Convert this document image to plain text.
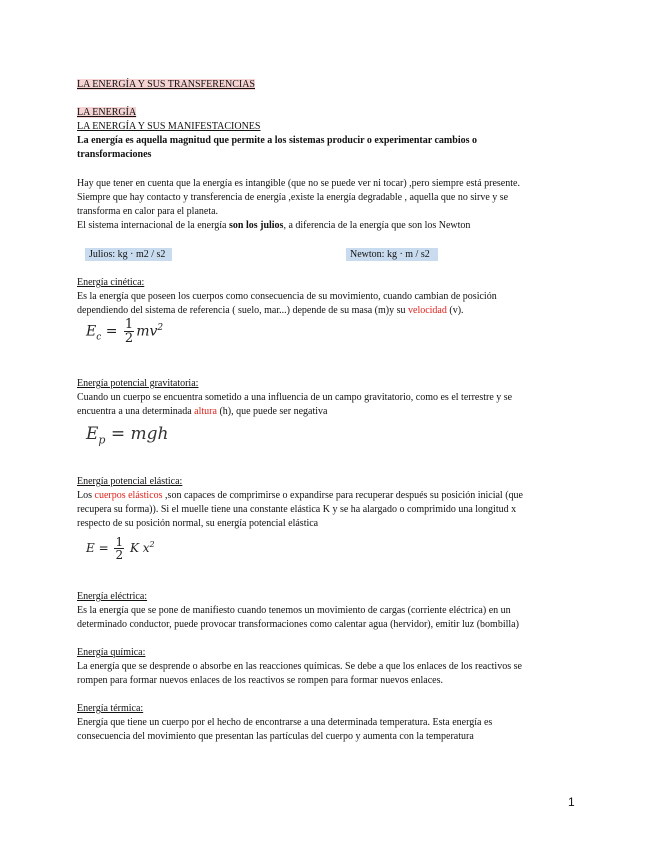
LA ENERGÍA Y SUS TRANSFERENCIAS
LA ENERGÍA
LA ENERGÍA Y SUS MANIFESTACIONES
La energía es aquella magnitud que permite a los sistemas producir o experimentar cambios o
transformaciones
Hay que tener en cuenta que la energía es intangible (que no se puede ver ni tocar) ,pero siempre está presente.
Siempre que hay contacto y transferencia de energía ,existe la energía degradable , aquella que no sirve y se
transforma en calor para el planeta.
El sistema internacional de la energía son los julios, a diferencia de la energía que son los Newton
Julios: kg · m2 / s2	Newton: kg · m / s2
Energía cinética:
Es la energía que poseen los cuerpos como consecuencia de su movimiento, cuando cambian de posición
dependiendo del sistema de referencia ( suelo, mar...) depende de su masa (m)y su velocidad (v).
$E_c = \frac{1}{2} mv^2$
Energía potencial gravitatoria:
Cuando un cuerpo se encuentra sometido a una influencia de un campo gravitatorio, como es el terrestre y se
encuentra a una determinada altura (h), que puede ser negativa
$E_p$ = mgh
Energía potencial elástica:
Los cuerpos elásticos ,son capaces de comprimirse o expandirse para recuperar después su posición inicial (que
recupera su forma)). Si el muelle tiene una constante elástica K y se ha alargado o comprimido una longitud x
respecto de su posición normal, su energía potencial elástica
$E = \frac{1}{2}$ K $x^2$
Energía eléctrica:
Es la energía que se pone de manifiesto cuando tenemos un movimiento de cargas (corriente eléctrica) en un
determinado conductor, puede provocar transformaciones como calentar agua (hervidor), emitir luz (bombilla)
Energía química:
La energía que se desprende o absorbe en las reacciones químicas. Se debe a que los enlaces de los reactivos se
rompen para formar nuevos enlaces de los reactivos se rompen para formar nuevos enlaces.
Energía térmica:
Energía que tiene un cuerpo por el hecho de encontrarse a una determinada temperatura. Esta energía es
consecuencia del movimiento que presentan las partículas del cuerpo y aumenta con la temperatura
1
